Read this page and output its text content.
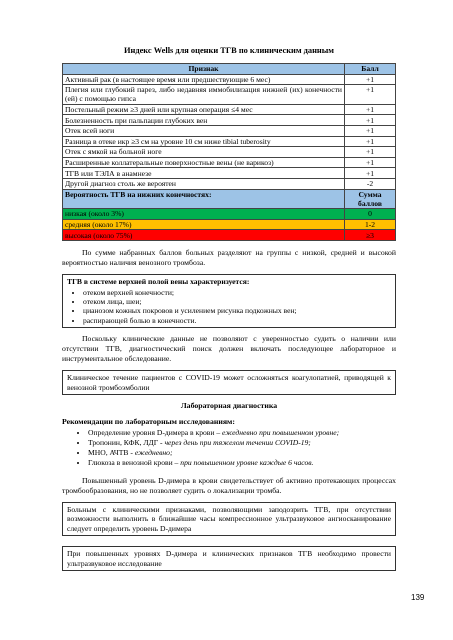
Индекс Wells для оценки ТГВ по клиническим данным
Признак	Балл
Активный рак (в настоящее время или предшествующие 6 мес)	+1
Плегия или глубокий парез, либо недавняя иммобилизация нижней (их) конечности (ей) с помощью гипса	+1
Постельный режим ≥3 дней или крупная операция ≤4 мес	+1
Болезненность при пальпации глубоких вен	+1
Отек всей ноги	+1
Разница в отеке икр ≥3 см на уровне 10 см ниже tibial tuberosity	+1
Отек с ямкой на больной ноге	+1
Расширенные коллатеральные поверхностные вены (не варикоз)	+1
ТГВ или ТЭЛА в анамнезе	+1
Другой диагноз столь же вероятен	-2
Вероятность ТГВ на нижних конечностях:	Сумма баллов
низкая (около 3%)	0
средняя (около 17%)	1-2
высокая (около 75%)	≥3

По сумме набранных баллов больных разделяют на группы с низкой, средней и высокой вероятностью наличия венозного тромбоза.

ТГВ в системе верхней полой вены характеризуется:
• отеком верхней конечности;
• отеком лица, шеи;
• цианозом кожных покровов и усилением рисунка подкожных вен;
• распирающей болью в конечности.

Поскольку клинические данные не позволяют с уверенностью судить о наличии или отсутствии ТГВ, диагностический поиск должен включать последующее лабораторное и инструментальное обследование.

Клиническое течение пациентов с COVID-19 может осложняться коагулопатией, приводящей к венозной тромбоэмболии
Лабораторная диагностика
Рекомендации по лабораторным исследованиям:
• Определение уровня D-димера в крови – ежедневно при повышенном уровне;
• Тропонин, КФК, ЛДГ - через день при тяжелом течении COVID-19;
• МНО, АЧТВ - ежедневно;
• Глюкоза в венозной крови – при повышенном уровне каждые 6 часов.

Повышенный уровень D-димера в крови свидетельствует об активно протекающих процессах тромбообразования, но не позволяет судить о локализации тромба.

Больным с клиническими признаками, позволяющими заподозрить ТГВ, при отсутствии возможности выполнить в ближайшие часы компрессионное ультразвуковое ангиосканирование следует определить уровень D-димера
При повышенных уровнях D-димера и клинических признаков ТГВ необходимо провести ультразвуковое исследование
139
